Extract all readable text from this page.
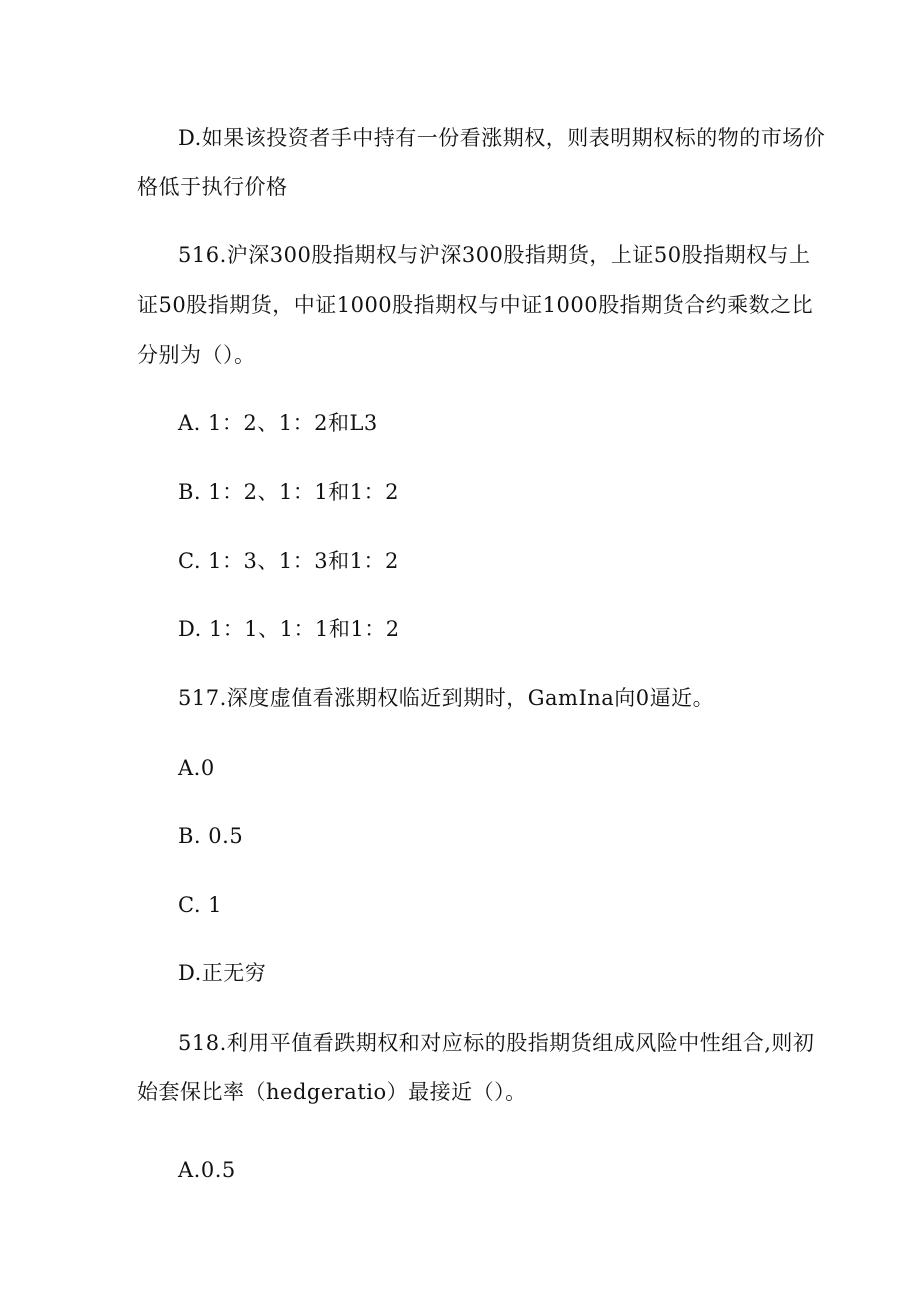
D.如果该投资者手中持有一份看涨期权，则表明期权标的物的市场价
格低于执行价格
516.沪深300股指期权与沪深300股指期货，上证50股指期权与上
证50股指期货，中证1000股指期权与中证1000股指期货合约乘数之比
分别为（）。
A. 1：2、1：2和L3
B. 1：2、1：1和1：2
C. 1：3、1：3和1：2
D. 1：1、1：1和1：2
517.深度虚值看涨期权临近到期时，GamIna向0逼近。
A.0
B. 0.5
C. 1
D.正无穷
518.利用平值看跌期权和对应标的股指期货组成风险中性组合,则初
始套保比率（hedgeratio）最接近（）。
A.0.5
